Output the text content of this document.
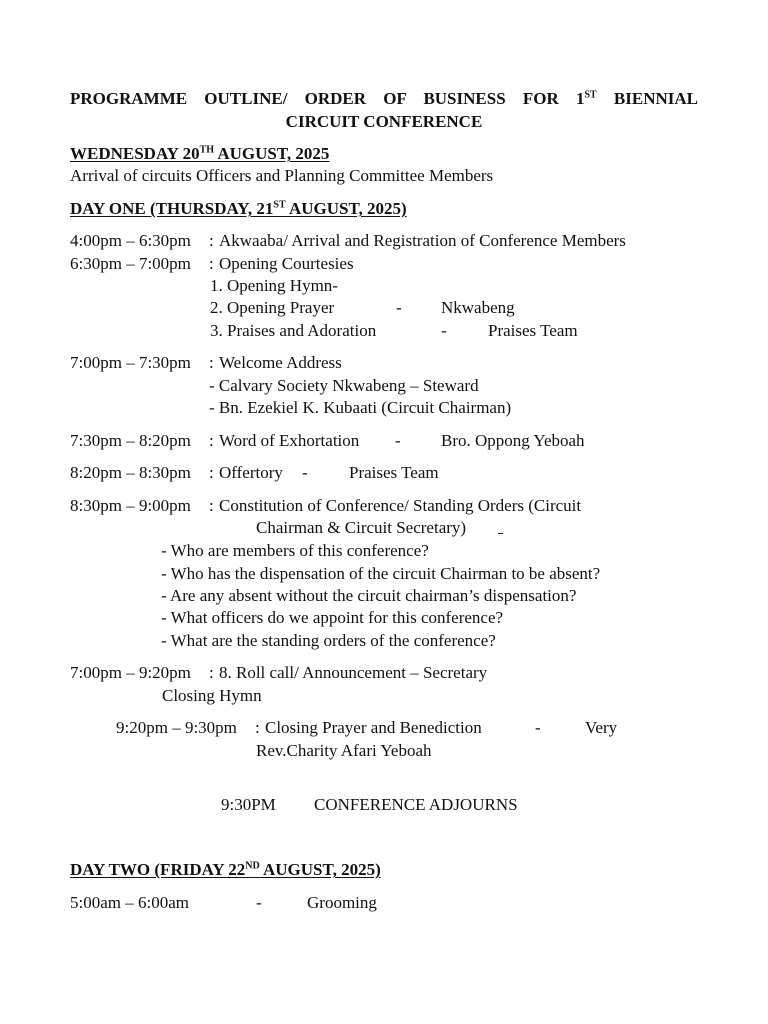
PROGRAMME OUTLINE/ ORDER OF BUSINESS FOR 1ST BIENNIAL
CIRCUIT CONFERENCE
WEDNESDAY 20TH AUGUST, 2025
Arrival of circuits Officers and Planning Committee Members
DAY ONE (THURSDAY, 21ST AUGUST, 2025)
4:00pm – 6:30pm : Akwaaba/ Arrival and Registration of Conference Members
6:30pm – 7:00pm : Opening Courtesies
1. Opening Hymn-
2. Opening Prayer	- Nkwabeng
3. Praises and Adoration	- Praises Team
7:00pm – 7:30pm : Welcome Address
- Calvary Society Nkwabeng – Steward
- Bn. Ezekiel K. Kubaati (Circuit Chairman)
7:30pm – 8:20pm : Word of Exhortation - Bro. Oppong Yeboah
8:20pm – 8:30pm : Offertory - Praises Team
8:30pm – 9:00pm : Constitution of Conference/ Standing Orders (Circuit
Chairman & Circuit Secretary)
- Who are members of this conference?
- Who has the dispensation of the circuit Chairman to be absent?
- Are any absent without the circuit chairman’s dispensation?
- What officers do we appoint for this conference?
- What are the standing orders of the conference?
7:00pm – 9:20pm : 8. Roll call/ Announcement – Secretary
Closing Hymn
9:20pm – 9:30pm : Closing Prayer and Benediction	-	Very
Rev.Charity Afari Yeboah
9:30PM CONFERENCE ADJOURNS
DAY TWO (FRIDAY 22ND AUGUST, 2025)
5:00am – 6:00am	-	Grooming
